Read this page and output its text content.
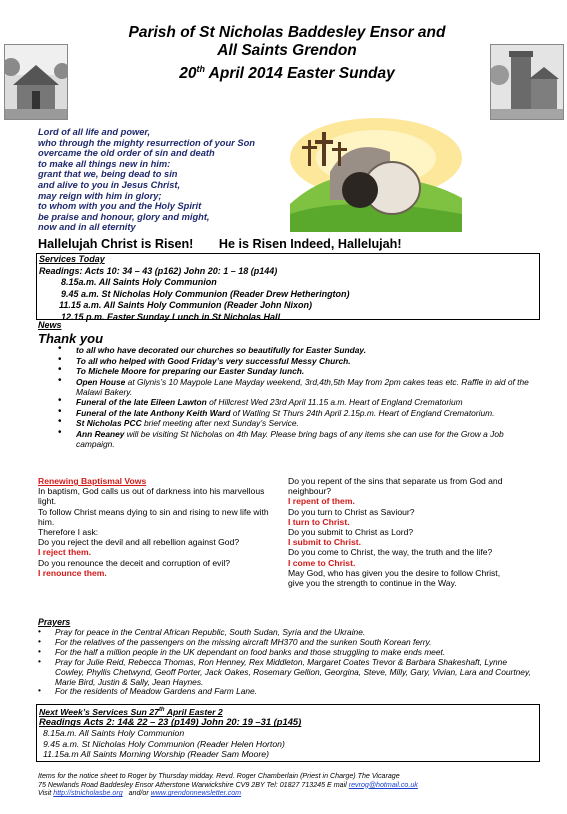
Parish of St Nicholas Baddesley Ensor and
All Saints Grendon
20th April 2014 Easter Sunday
Lord of all life and power,
who through the mighty resurrection of your Son
overcame the old order of sin and death
to make all things new in him:
grant that we, being dead to sin
and alive to you in Jesus Christ,
may reign with him in glory;
to whom with you and the Holy Spirit
be praise and honour, glory and might,
now and in all eternity
Hallelujah Christ is Risen! He is Risen Indeed, Hallelujah!
Services Today
Readings: Acts 10: 34 – 43 (p162) John 20: 1 – 18 (p144)
8.15a.m. All Saints Holy Communion
9.45 a.m. St Nicholas Holy Communion (Reader Drew Hetherington)
11.15 a.m. All Saints Holy Communion (Reader John Nixon)
12.15 p.m. Easter Sunday Lunch in St Nicholas Hall
News
Thank you
• to all who have decorated our churches so beautifully for Easter Sunday.
• To all who helped with Good Friday’s very successful Messy Church.
• To Michele Moore for preparing our Easter Sunday lunch.
• Open House at Glynis’s 10 Maypole Lane Mayday weekend, 3rd,4th,5th May from 2pm cakes teas etc. Raffle in aid of the Malawi Bakery.
• Funeral of the late Eileen Lawton of Hillcrest Wed 23rd April 11.15 a.m. Heart of England Crematorium
• Funeral of the late Anthony Keith Ward of Watling St Thurs 24th April 2.15p.m. Heart of England Crematorium.
• St Nicholas PCC brief meeting after next Sunday’s Service.
• Ann Reaney will be visiting St Nicholas on 4th May. Please bring bags of any items she can use for the Grow a Job campaign.
Renewing Baptismal Vows
In baptism, God calls us out of darkness into his marvellous light.
To follow Christ means dying to sin and rising to new life with him.
Therefore I ask:
Do you reject the devil and all rebellion against God?
I reject them.
Do you renounce the deceit and corruption of evil?
I renounce them.
Do you repent of the sins that separate us from God and neighbour?
I repent of them.
Do you turn to Christ as Saviour?
I turn to Christ.
Do you submit to Christ as Lord?
I submit to Christ.
Do you come to Christ, the way, the truth and the life?
I come to Christ.
May God, who has given you the desire to follow Christ,
give you the strength to continue in the Way.
Prayers
• Pray for peace in the Central African Republic, South Sudan, Syria and the Ukraine.
• For the relatives of the passengers on the missing aircraft MH370 and the sunken South Korean ferry.
• For the half a million people in the UK dependant on food banks and those struggling to make ends meet.
• Pray for Julie Reid, Rebecca Thomas, Ron Henney, Rex Middleton, Margaret Coates Trevor & Barbara Shakeshaft, Lynne Cowley, Phyllis Chetwynd, Geoff Porter, Jack Oakes, Rosemary Gellion, Georgina, Steve, Milly, Gary, Vivian, Lara and Courtney, Marie Bird, Justin & Sally, Jean Haynes.
• For the residents of Meadow Gardens and Farm Lane.
Next Week’s Services Sun 27th April Easter 2
Readings Acts 2: 14& 22 – 23 (p149) John 20: 19 –31 (p145)
8.15a.m. All Saints Holy Communion
9.45 a.m. St Nicholas Holy Communion (Reader Helen Horton)
11.15a.m All Saints Morning Worship (Reader Sam Moore)
Items for the notice sheet to Roger by Thursday midday. Revd. Roger Chamberlain (Priest in Charge) The Vicarage
75 Newlands Road Baddesley Ensor Atherstone Warwickshire CV9 2BY Tel: 01827 713245 E mail revrog@hotmail.co.uk
Visit http://stnicholasbe.org   and/or www.grendonnewsletter.com
